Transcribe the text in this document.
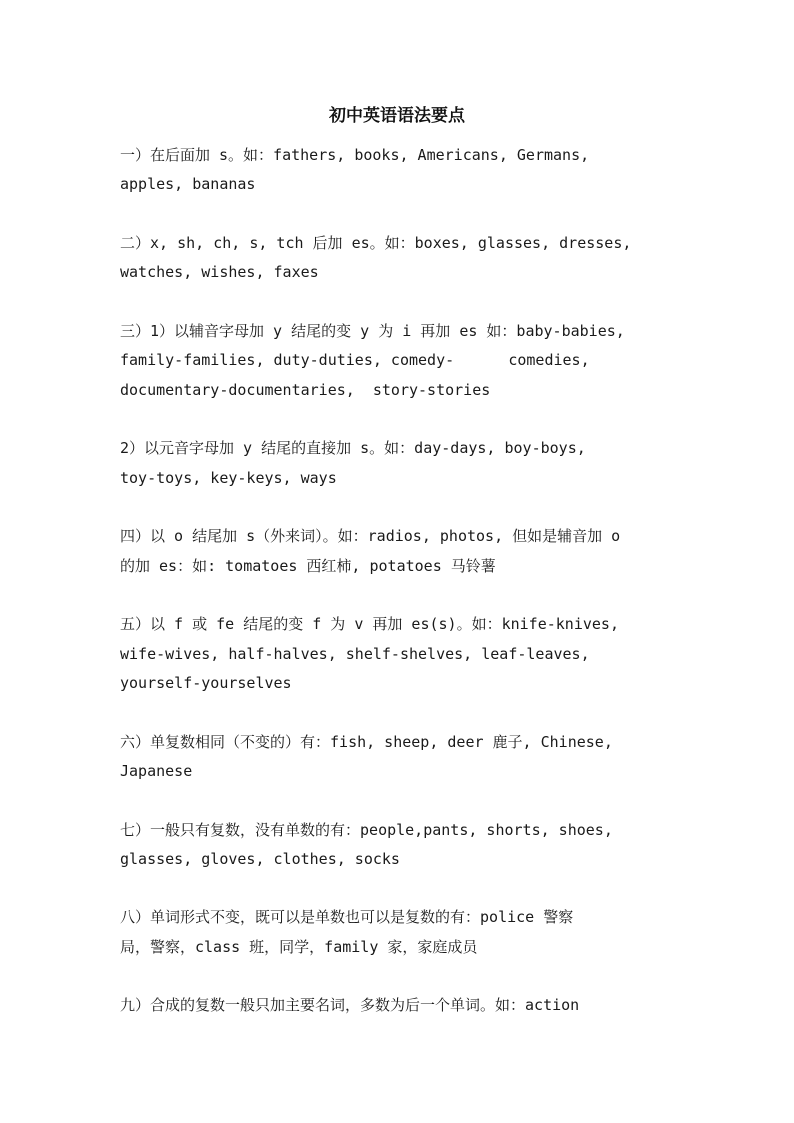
初中英语语法要点
一）在后面加 s。如：fathers, books, Americans, Germans,
apples, bananas
二）x, sh, ch, s, tch 后加 es。如：boxes, glasses, dresses,
watches, wishes, faxes
三）1）以辅音字母加 y 结尾的变 y 为 i 再加 es 如：baby-babies,
family-families, duty-duties, comedy-      comedies,
documentary-documentaries,  story-stories
2）以元音字母加 y 结尾的直接加 s。如：day-days, boy-boys,
toy-toys, key-keys, ways
四）以 o 结尾加 s（外来词）。如：radios, photos, 但如是辅音加 o
的加 es：如: tomatoes 西红柿, potatoes 马铃薯
五）以 f 或 fe 结尾的变 f 为 v 再加 es(s)。如：knife-knives,
wife-wives, half-halves, shelf-shelves, leaf-leaves,
yourself-yourselves
六）单复数相同（不变的）有：fish, sheep, deer 鹿子, Chinese,
Japanese
七）一般只有复数，没有单数的有：people,pants, shorts, shoes,
glasses, gloves, clothes, socks
八）单词形式不变，既可以是单数也可以是复数的有：police 警察
局，警察，class 班，同学，family 家，家庭成员
九）合成的复数一般只加主要名词，多数为后一个单词。如：action
